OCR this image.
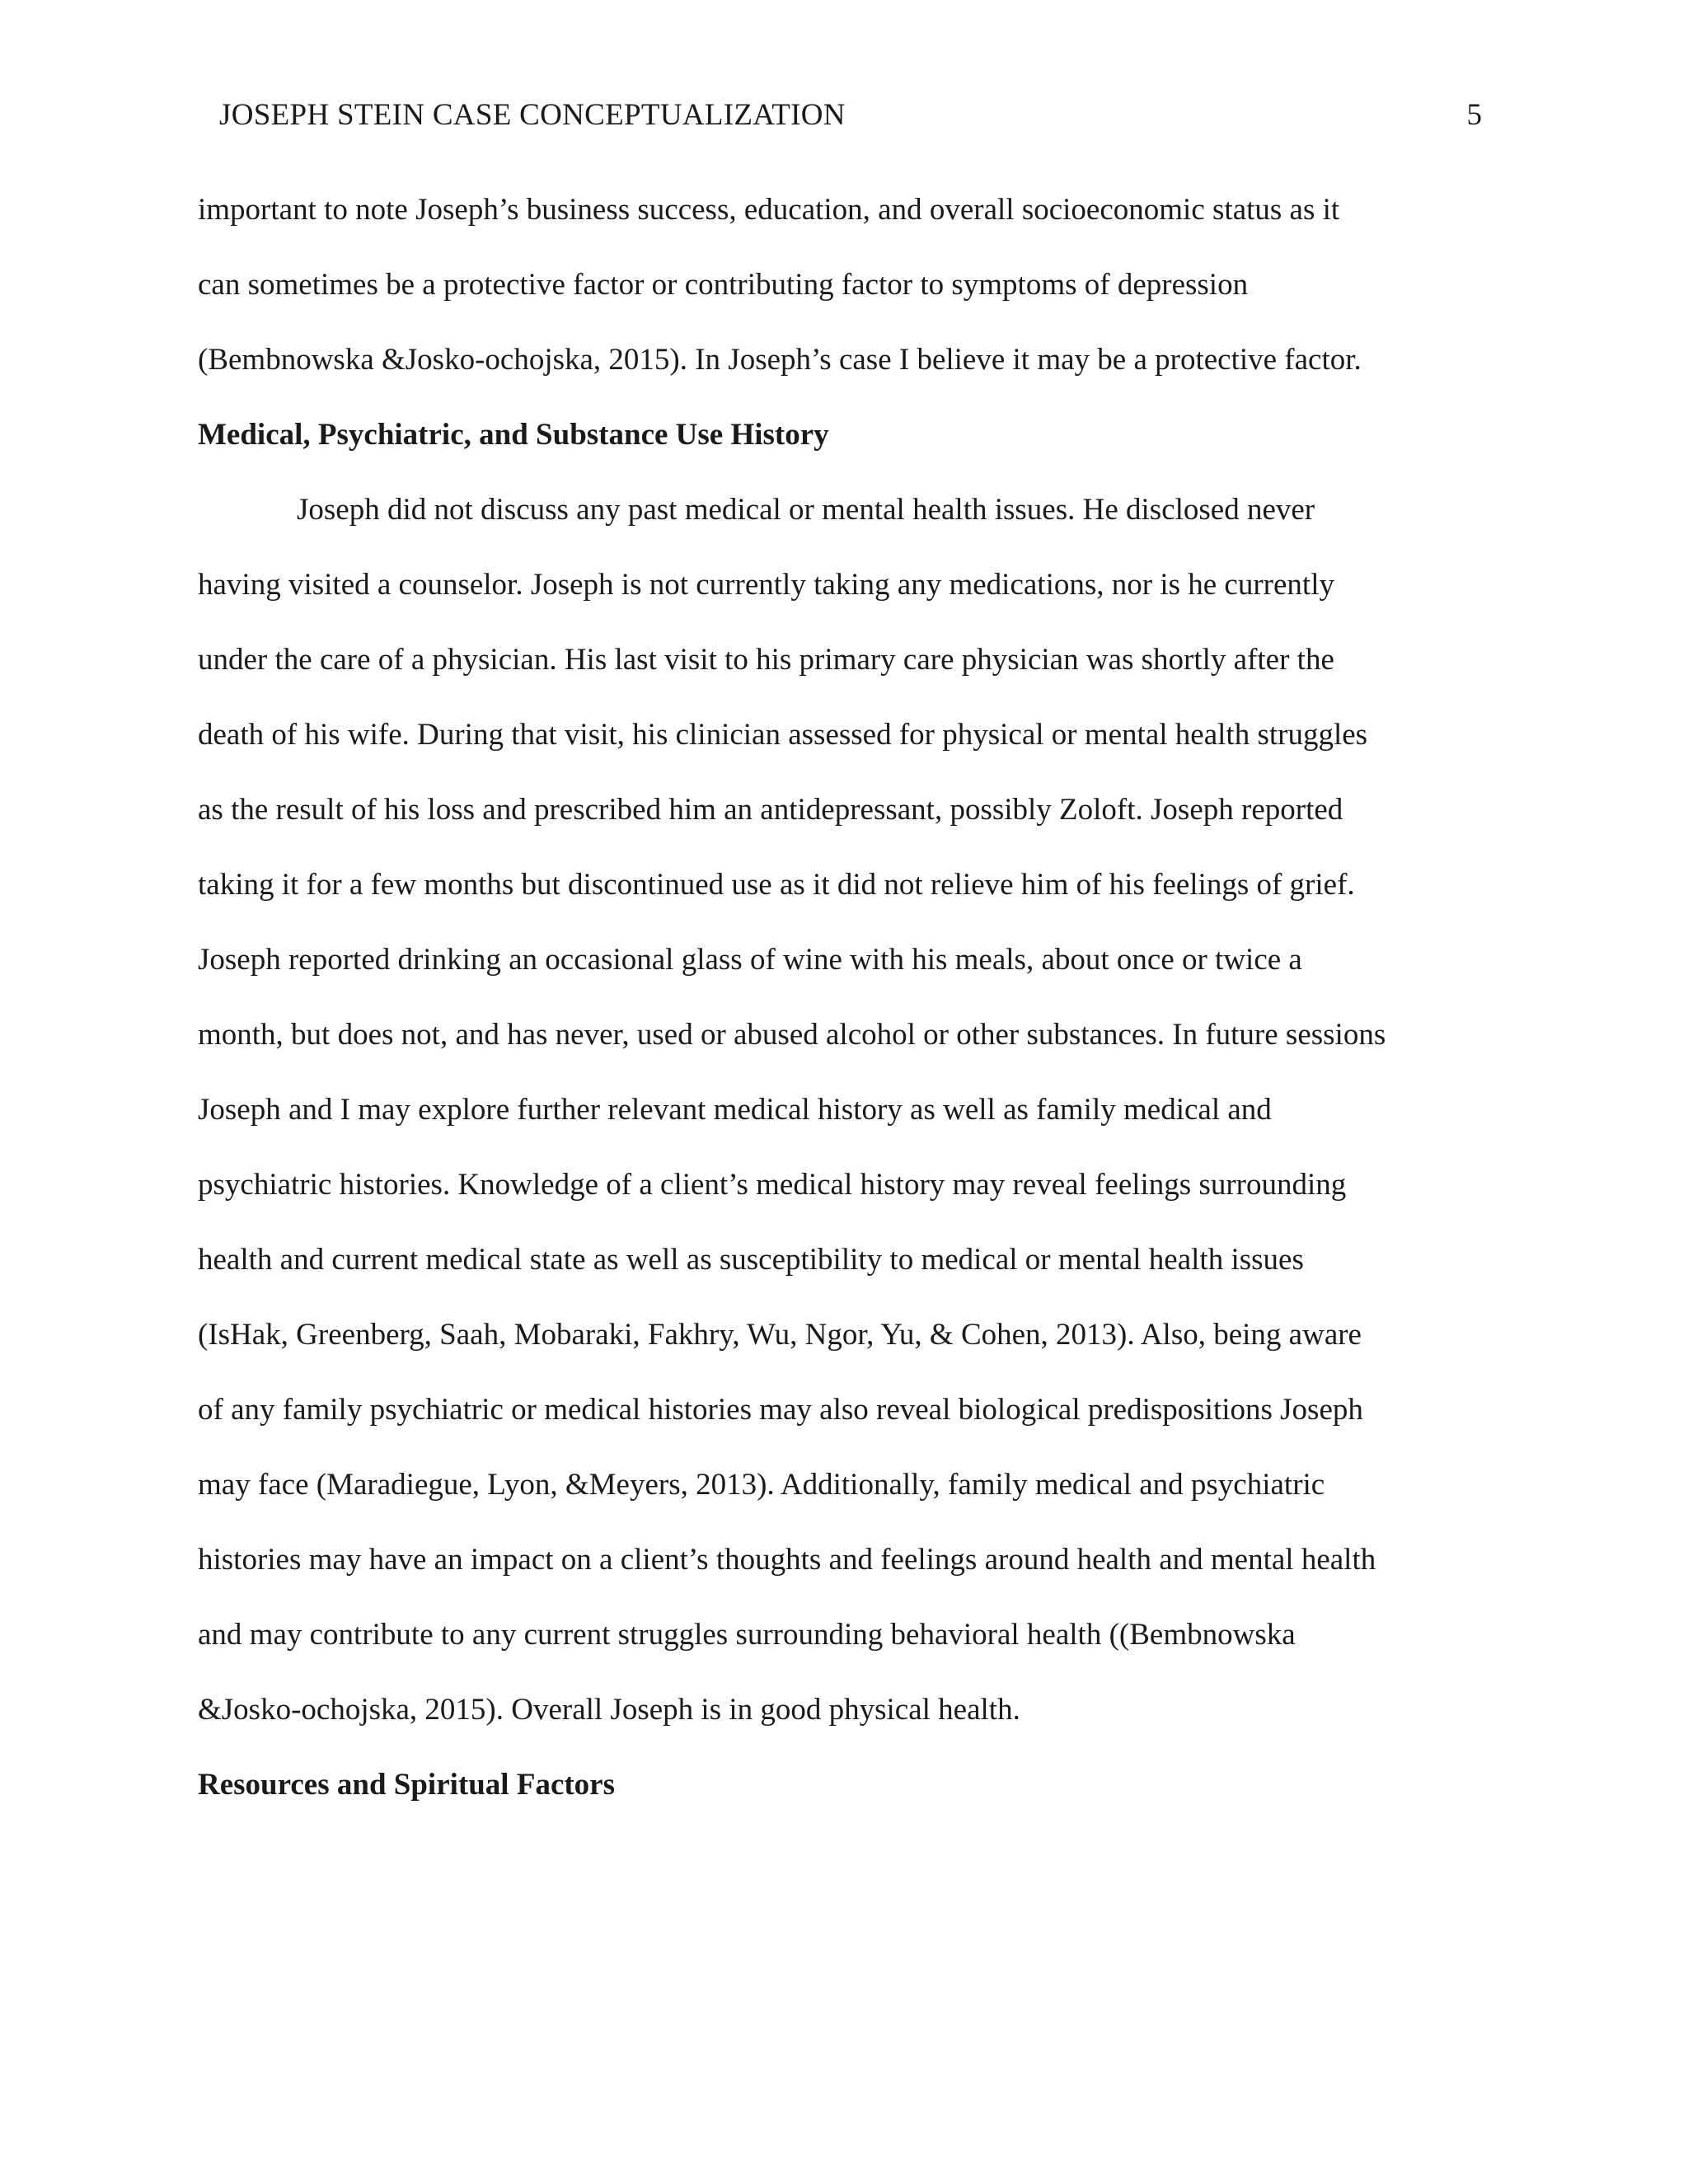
JOSEPH STEIN CASE CONCEPTUALIZATION	5
important to note Joseph’s business success, education, and overall socioeconomic status as it
can sometimes be a protective factor or contributing factor to symptoms of depression
(Bembnowska &Josko-ochojska, 2015). In Joseph’s case I believe it may be a protective factor.
Medical, Psychiatric, and Substance Use History
Joseph did not discuss any past medical or mental health issues. He disclosed never
having visited a counselor. Joseph is not currently taking any medications, nor is he currently
under the care of a physician. His last visit to his primary care physician was shortly after the
death of his wife. During that visit, his clinician assessed for physical or mental health struggles
as the result of his loss and prescribed him an antidepressant, possibly Zoloft. Joseph reported
taking it for a few months but discontinued use as it did not relieve him of his feelings of grief.
Joseph reported drinking an occasional glass of wine with his meals, about once or twice a
month, but does not, and has never, used or abused alcohol or other substances. In future sessions
Joseph and I may explore further relevant medical history as well as family medical and
psychiatric histories. Knowledge of a client’s medical history may reveal feelings surrounding
health and current medical state as well as susceptibility to medical or mental health issues
(IsHak, Greenberg, Saah, Mobaraki, Fakhry, Wu, Ngor, Yu, & Cohen, 2013). Also, being aware
of any family psychiatric or medical histories may also reveal biological predispositions Joseph
may face (Maradiegue, Lyon, &Meyers, 2013). Additionally, family medical and psychiatric
histories may have an impact on a client’s thoughts and feelings around health and mental health
and may contribute to any current struggles surrounding behavioral health ((Bembnowska
&Josko-ochojska, 2015). Overall Joseph is in good physical health.
Resources and Spiritual Factors
